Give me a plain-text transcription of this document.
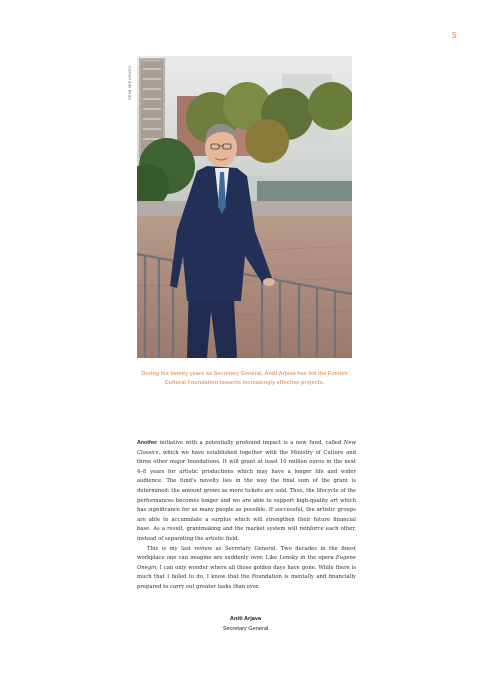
5
SEIM MIELONEN
During his twenty years as Secretary General, Antti Arjava has led the Finnish Cultural Foundation towards increasingly effective projects.

Another initiative with a potentially profound impact is a new fund, called New Classics, which we have established together with the Ministry of Culture and three other major foundations. It will grant at least 10 million euros in the next 4–8 years for artistic productions which may have a longer life and wider audience. The fund's novelty lies in the way the final sum of the grant is determined: the amount grows as more tickets are sold. Thus, the lifecycle of the performances becomes longer and we are able to support high-quality art which has significance for as many people as possible. If successful, the artistic groups are able to accumulate a surplus which will strengthen their future financial base. As a result, grantmaking and the market system will reinforce each other, instead of separating the artistic field.

This is my last review as Secretary General. Two decades in the finest workplace one can imagine are suddenly over. Like Lensky in the opera Eugene Onegin, I can only wonder where all those golden days have gone. While there is much that I failed to do, I know that the Foundation is mentally and financially prepared to carry out greater tasks than ever.

Antti Arjava
Secretary General
